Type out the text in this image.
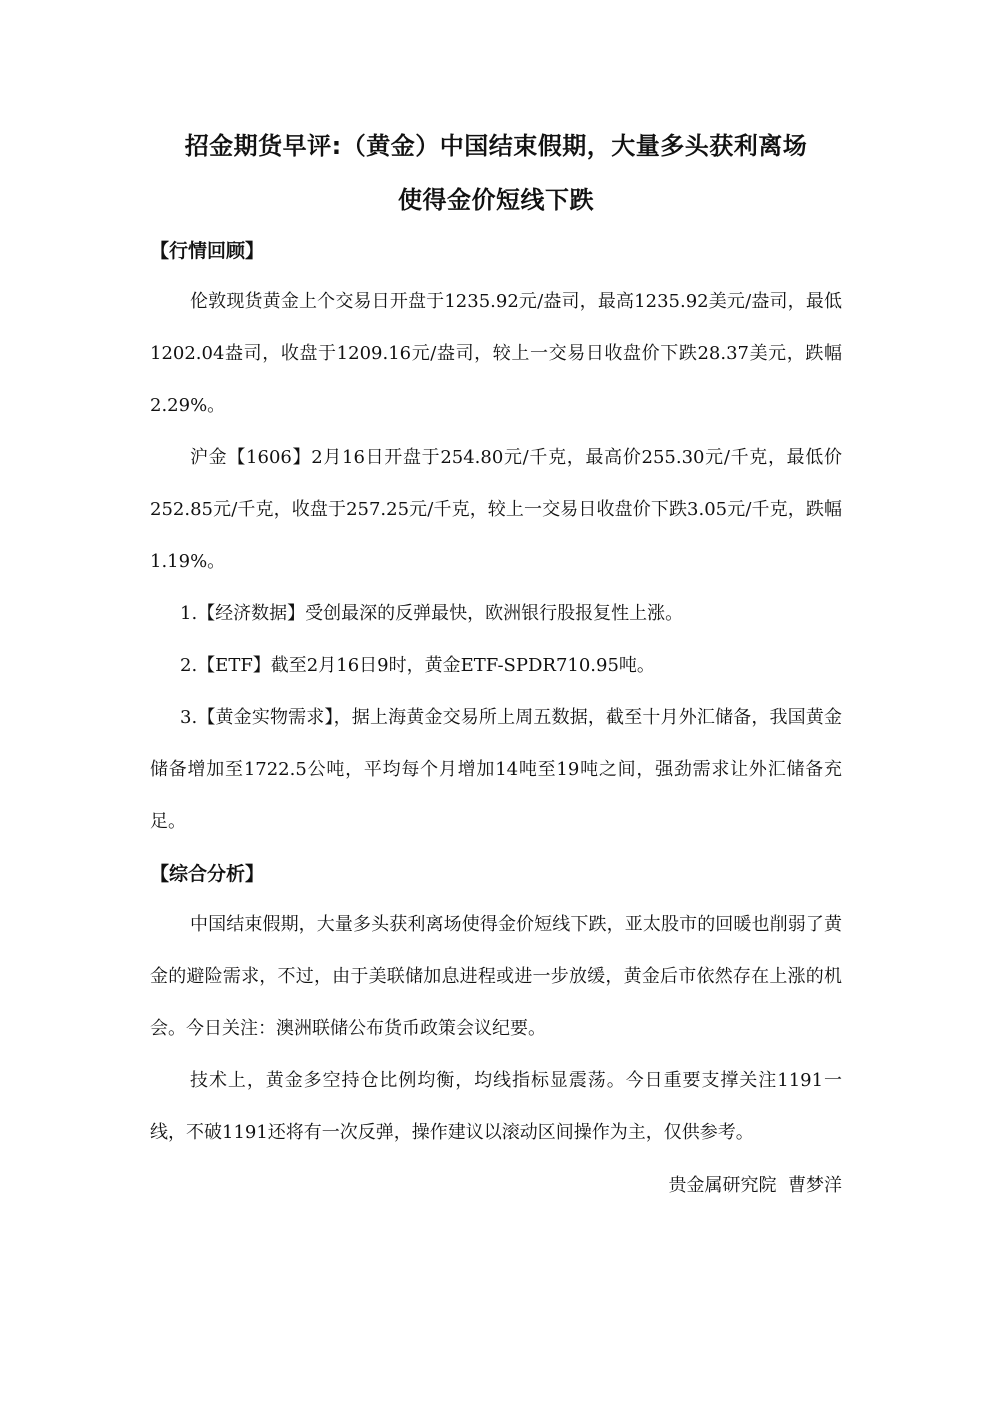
招金期货早评:（黄金）中国结束假期，大量多头获利离场
使得金价短线下跌
【行情回顾】

伦敦现货黄金上个交易日开盘于1235.92元/盎司，最高1235.92美元/盎司，最低1202.04盎司，收盘于1209.16元/盎司，较上一交易日收盘价下跌28.37美元，跌幅2.29%。

沪金【1606】2月16日开盘于254.80元/千克，最高价255.30元/千克，最低价252.85元/千克，收盘于257.25元/千克，较上一交易日收盘价下跌3.05元/千克，跌幅1.19%。

1.【经济数据】受创最深的反弹最快，欧洲银行股报复性上涨。

2.【ETF】截至2月16日9时，黄金ETF-SPDR710.95吨。

3.【黄金实物需求】，据上海黄金交易所上周五数据，截至十月外汇储备，我国黄金储备增加至1722.5公吨，平均每个月增加14吨至19吨之间，强劲需求让外汇储备充足。

【综合分析】

中国结束假期，大量多头获利离场使得金价短线下跌，亚太股市的回暖也削弱了黄金的避险需求，不过，由于美联储加息进程或进一步放缓，黄金后市依然存在上涨的机会。今日关注：澳洲联储公布货币政策会议纪要。

技术上，黄金多空持仓比例均衡，均线指标显震荡。今日重要支撑关注1191一线，不破1191还将有一次反弹，操作建议以滚动区间操作为主，仅供参考。

贵金属研究院  曹梦洋
